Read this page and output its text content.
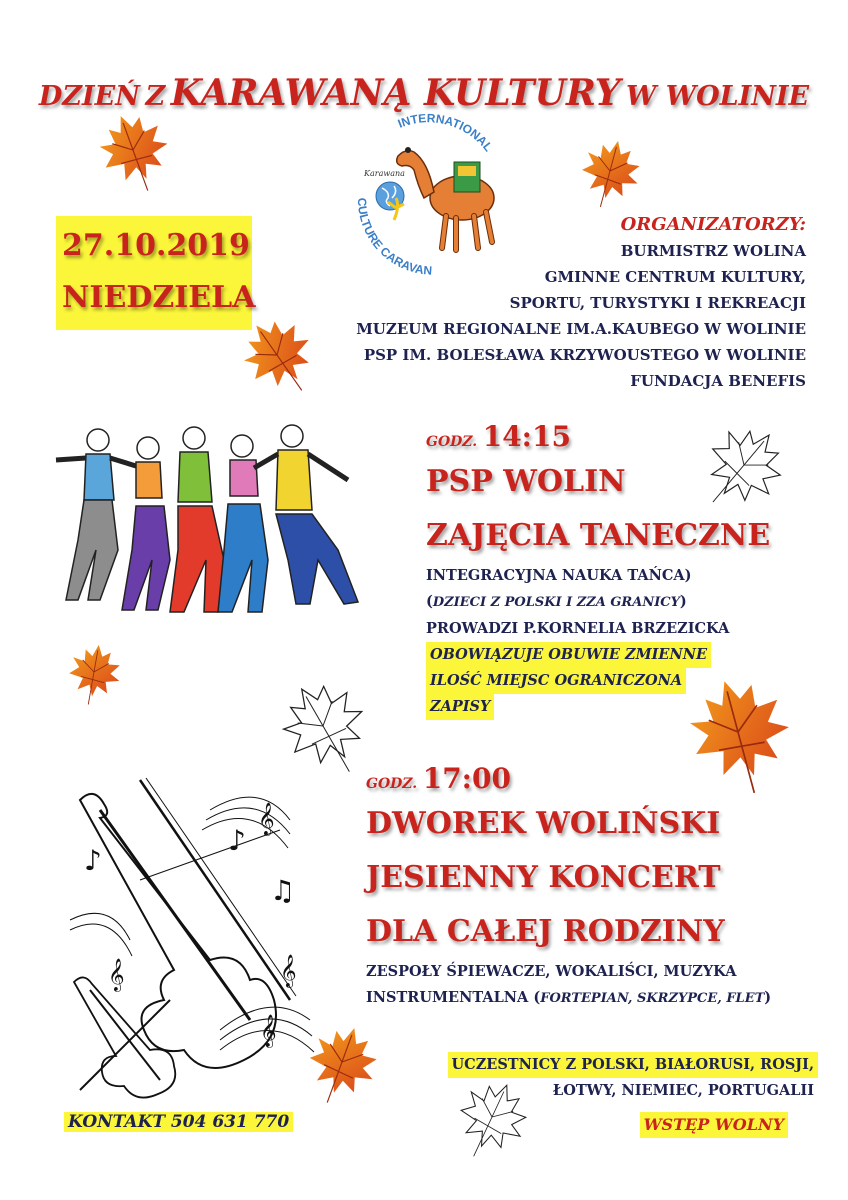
DZIEŃ Z KARAWANĄ KULTURY W WOLINIE
INTERNATIONAL
CULTURE CARAVAN
Karawana
27.10.2019
NIEDZIELA
ORGANIZATORZY:
BURMISTRZ WOLINA
GMINNE CENTRUM KULTURY,
SPORTU, TURYSTYKI I REKREACJI
MUZEUM REGIONALNE IM.A.KAUBEGO W WOLINIE
PSP IM. BOLESŁAWA KRZYWOUSTEGO W WOLINIE
FUNDACJA BENEFIS
GODZ. 14:15
PSP WOLIN
ZAJĘCIA TANECZNE
INTEGRACYJNA NAUKA TAŃCA)
(DZIECI Z POLSKI I ZZA GRANICY)
PROWADZI P.KORNELIA BRZEZICKA
OBOWIĄZUJE OBUWIE ZMIENNE
ILOŚĆ MIEJSC OGRANICZONA
ZAPISY
♪
𝄞
♪
♫
𝄞
𝄞
𝄞
GODZ. 17:00
DWOREK WOLIŃSKI
JESIENNY KONCERT
DLA CAŁEJ RODZINY
ZESPOŁY ŚPIEWACZE, WOKALIŚCI, MUZYKA
INSTRUMENTALNA (FORTEPIAN, SKRZYPCE, FLET)
UCZESTNICY Z POLSKI, BIAŁORUSI, ROSJI,
ŁOTWY, NIEMIEC, PORTUGALII
WSTĘP WOLNY
KONTAKT 504 631 770
